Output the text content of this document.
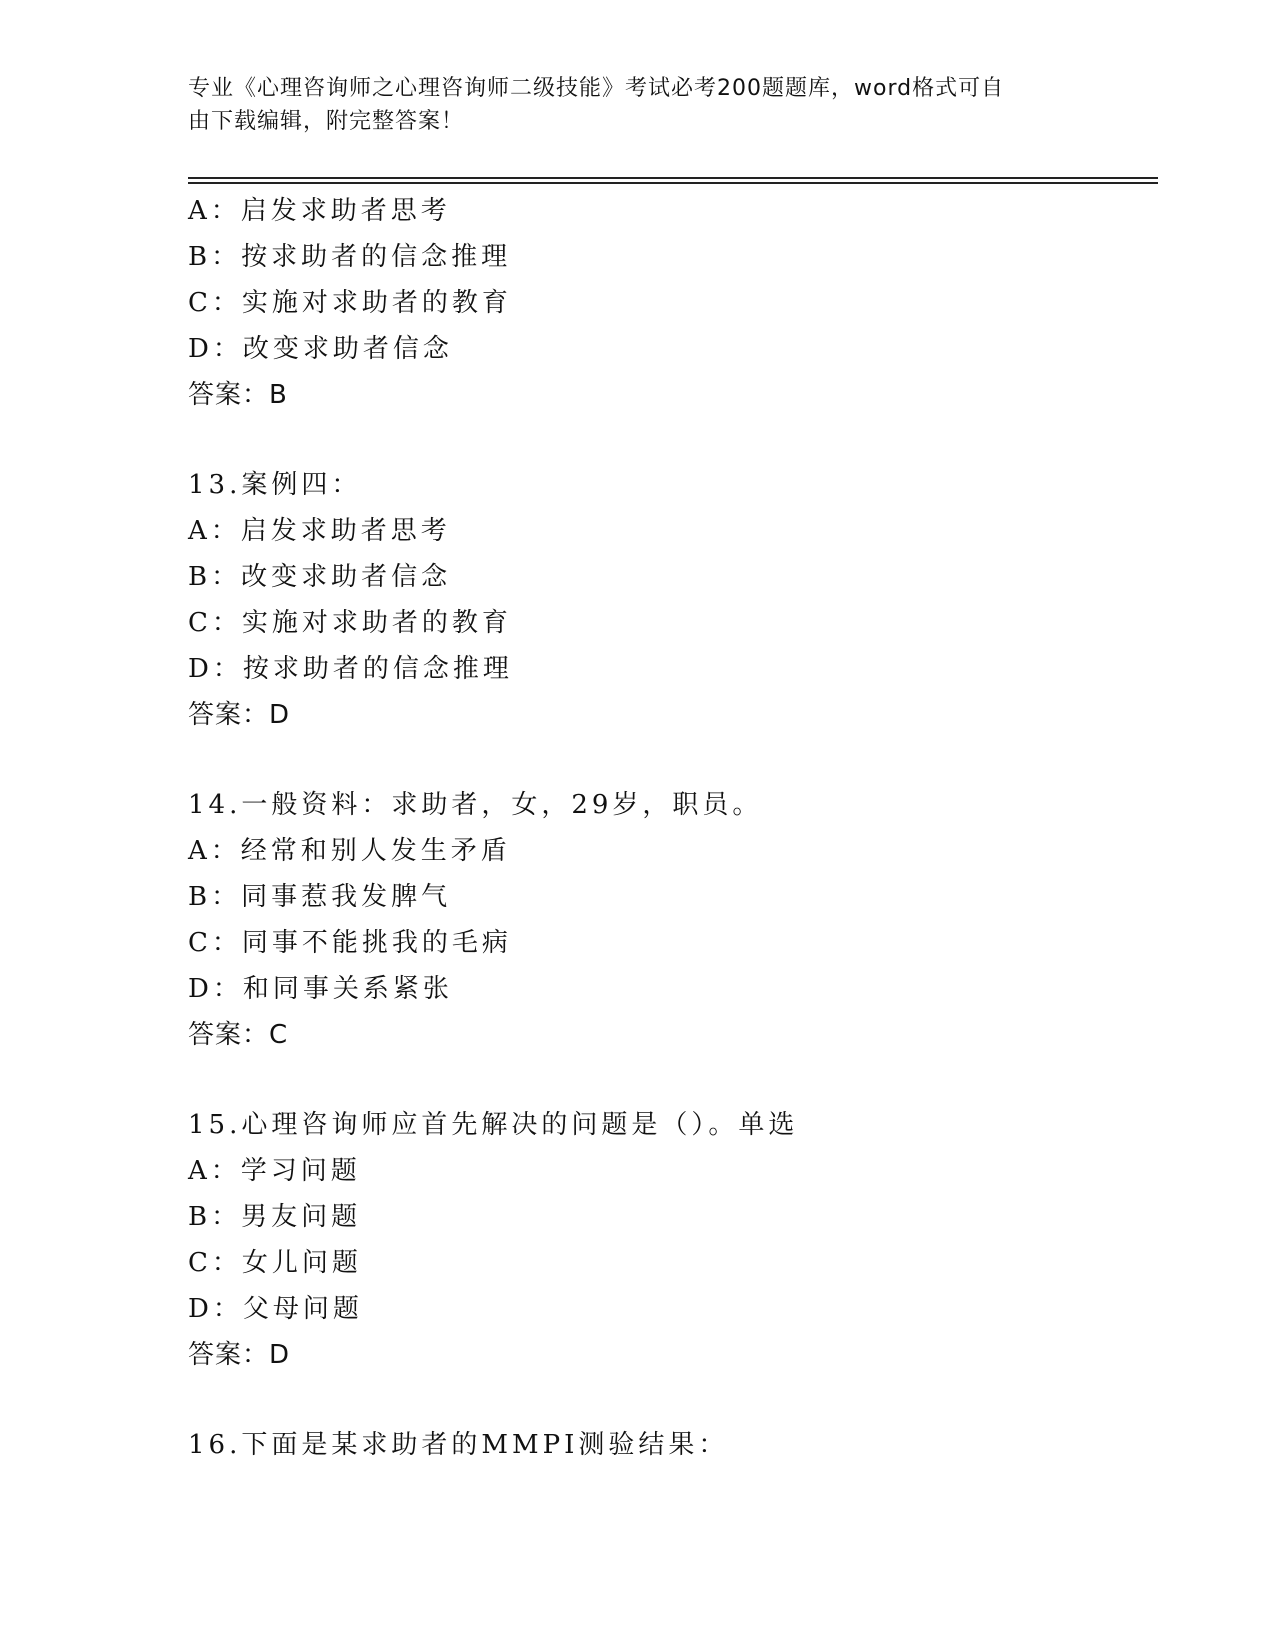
专业《心理咨询师之心理咨询师二级技能》考试必考200题题库，word格式可自
由下载编辑，附完整答案！
A：启发求助者思考
B：按求助者的信念推理
C：实施对求助者的教育
D：改变求助者信念
答案：B
13.案例四：
A：启发求助者思考
B：改变求助者信念
C：实施对求助者的教育
D：按求助者的信念推理
答案：D
14.一般资料：求助者，女，29岁，职员。
A：经常和别人发生矛盾
B：同事惹我发脾气
C：同事不能挑我的毛病
D：和同事关系紧张
答案：C
15.心理咨询师应首先解决的问题是（）。单选
A：学习问题
B：男友问题
C：女儿问题
D：父母问题
答案：D
16.下面是某求助者的MMPI测验结果：
